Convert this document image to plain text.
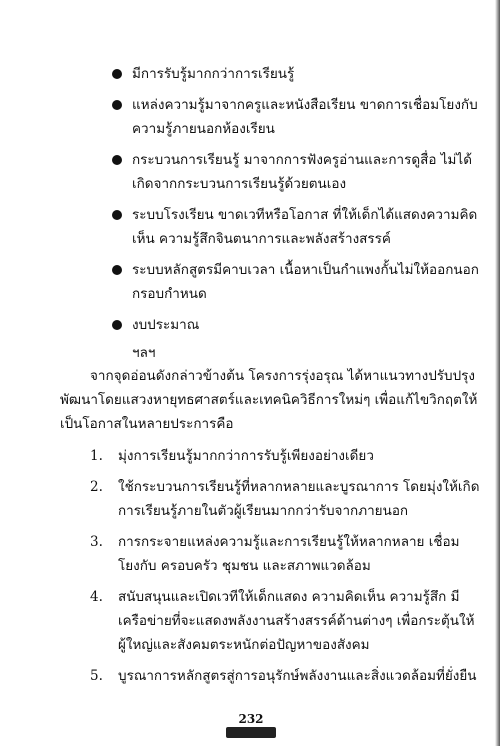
มีการรับรู้มากกว่าการเรียนรู้
แหล่งความรู้มาจากครูและหนังสือเรียน ขาดการเชื่อมโยงกับความรู้ภายนอกห้องเรียน
กระบวนการเรียนรู้ มาจากการฟังครูอ่านและการดูสื่อ ไม่ได้เกิดจากกระบวนการเรียนรู้ด้วยตนเอง
ระบบโรงเรียน ขาดเวทีหรือโอกาส ที่ให้เด็กได้แสดงความคิดเห็น ความรู้สึกจินตนาการและพลังสร้างสรรค์
ระบบหลักสูตรมีคาบเวลา เนื้อหาเป็นกำแพงกั้นไม่ให้ออกนอกกรอบกำหนด
งบประมาณ
ฯลฯ
จากจุดอ่อนดังกล่าวข้างต้น โครงการรุ่งอรุณ ได้หาแนวทางปรับปรุงพัฒนาโดยแสวงหายุทธศาสตร์และเทคนิควิธีการใหม่ๆ เพื่อแก้ไขวิกฤตให้เป็นโอกาสในหลายประการคือ
1. มุ่งการเรียนรู้มากกว่าการรับรู้เพียงอย่างเดียว
2. ใช้กระบวนการเรียนรู้ที่หลากหลายและบูรณาการ โดยมุ่งให้เกิดการเรียนรู้ภายในตัวผู้เรียนมากกว่ารับจากภายนอก
3. การกระจายแหล่งความรู้และการเรียนรู้ให้หลากหลาย เชื่อมโยงกับ ครอบครัว ชุมชน และสภาพแวดล้อม
4. สนับสนุนและเปิดเวทีให้เด็กแสดง ความคิดเห็น ความรู้สึก มีเครือข่ายที่จะแสดงพลังงานสร้างสรรค์ด้านต่างๆ เพื่อกระตุ้นให้ผู้ใหญ่และสังคมตระหนักต่อปัญหาของสังคม
5. บูรณาการหลักสูตรสู่การอนุรักษ์พลังงานและสิ่งแวดล้อมที่ยั่งยืน
232
